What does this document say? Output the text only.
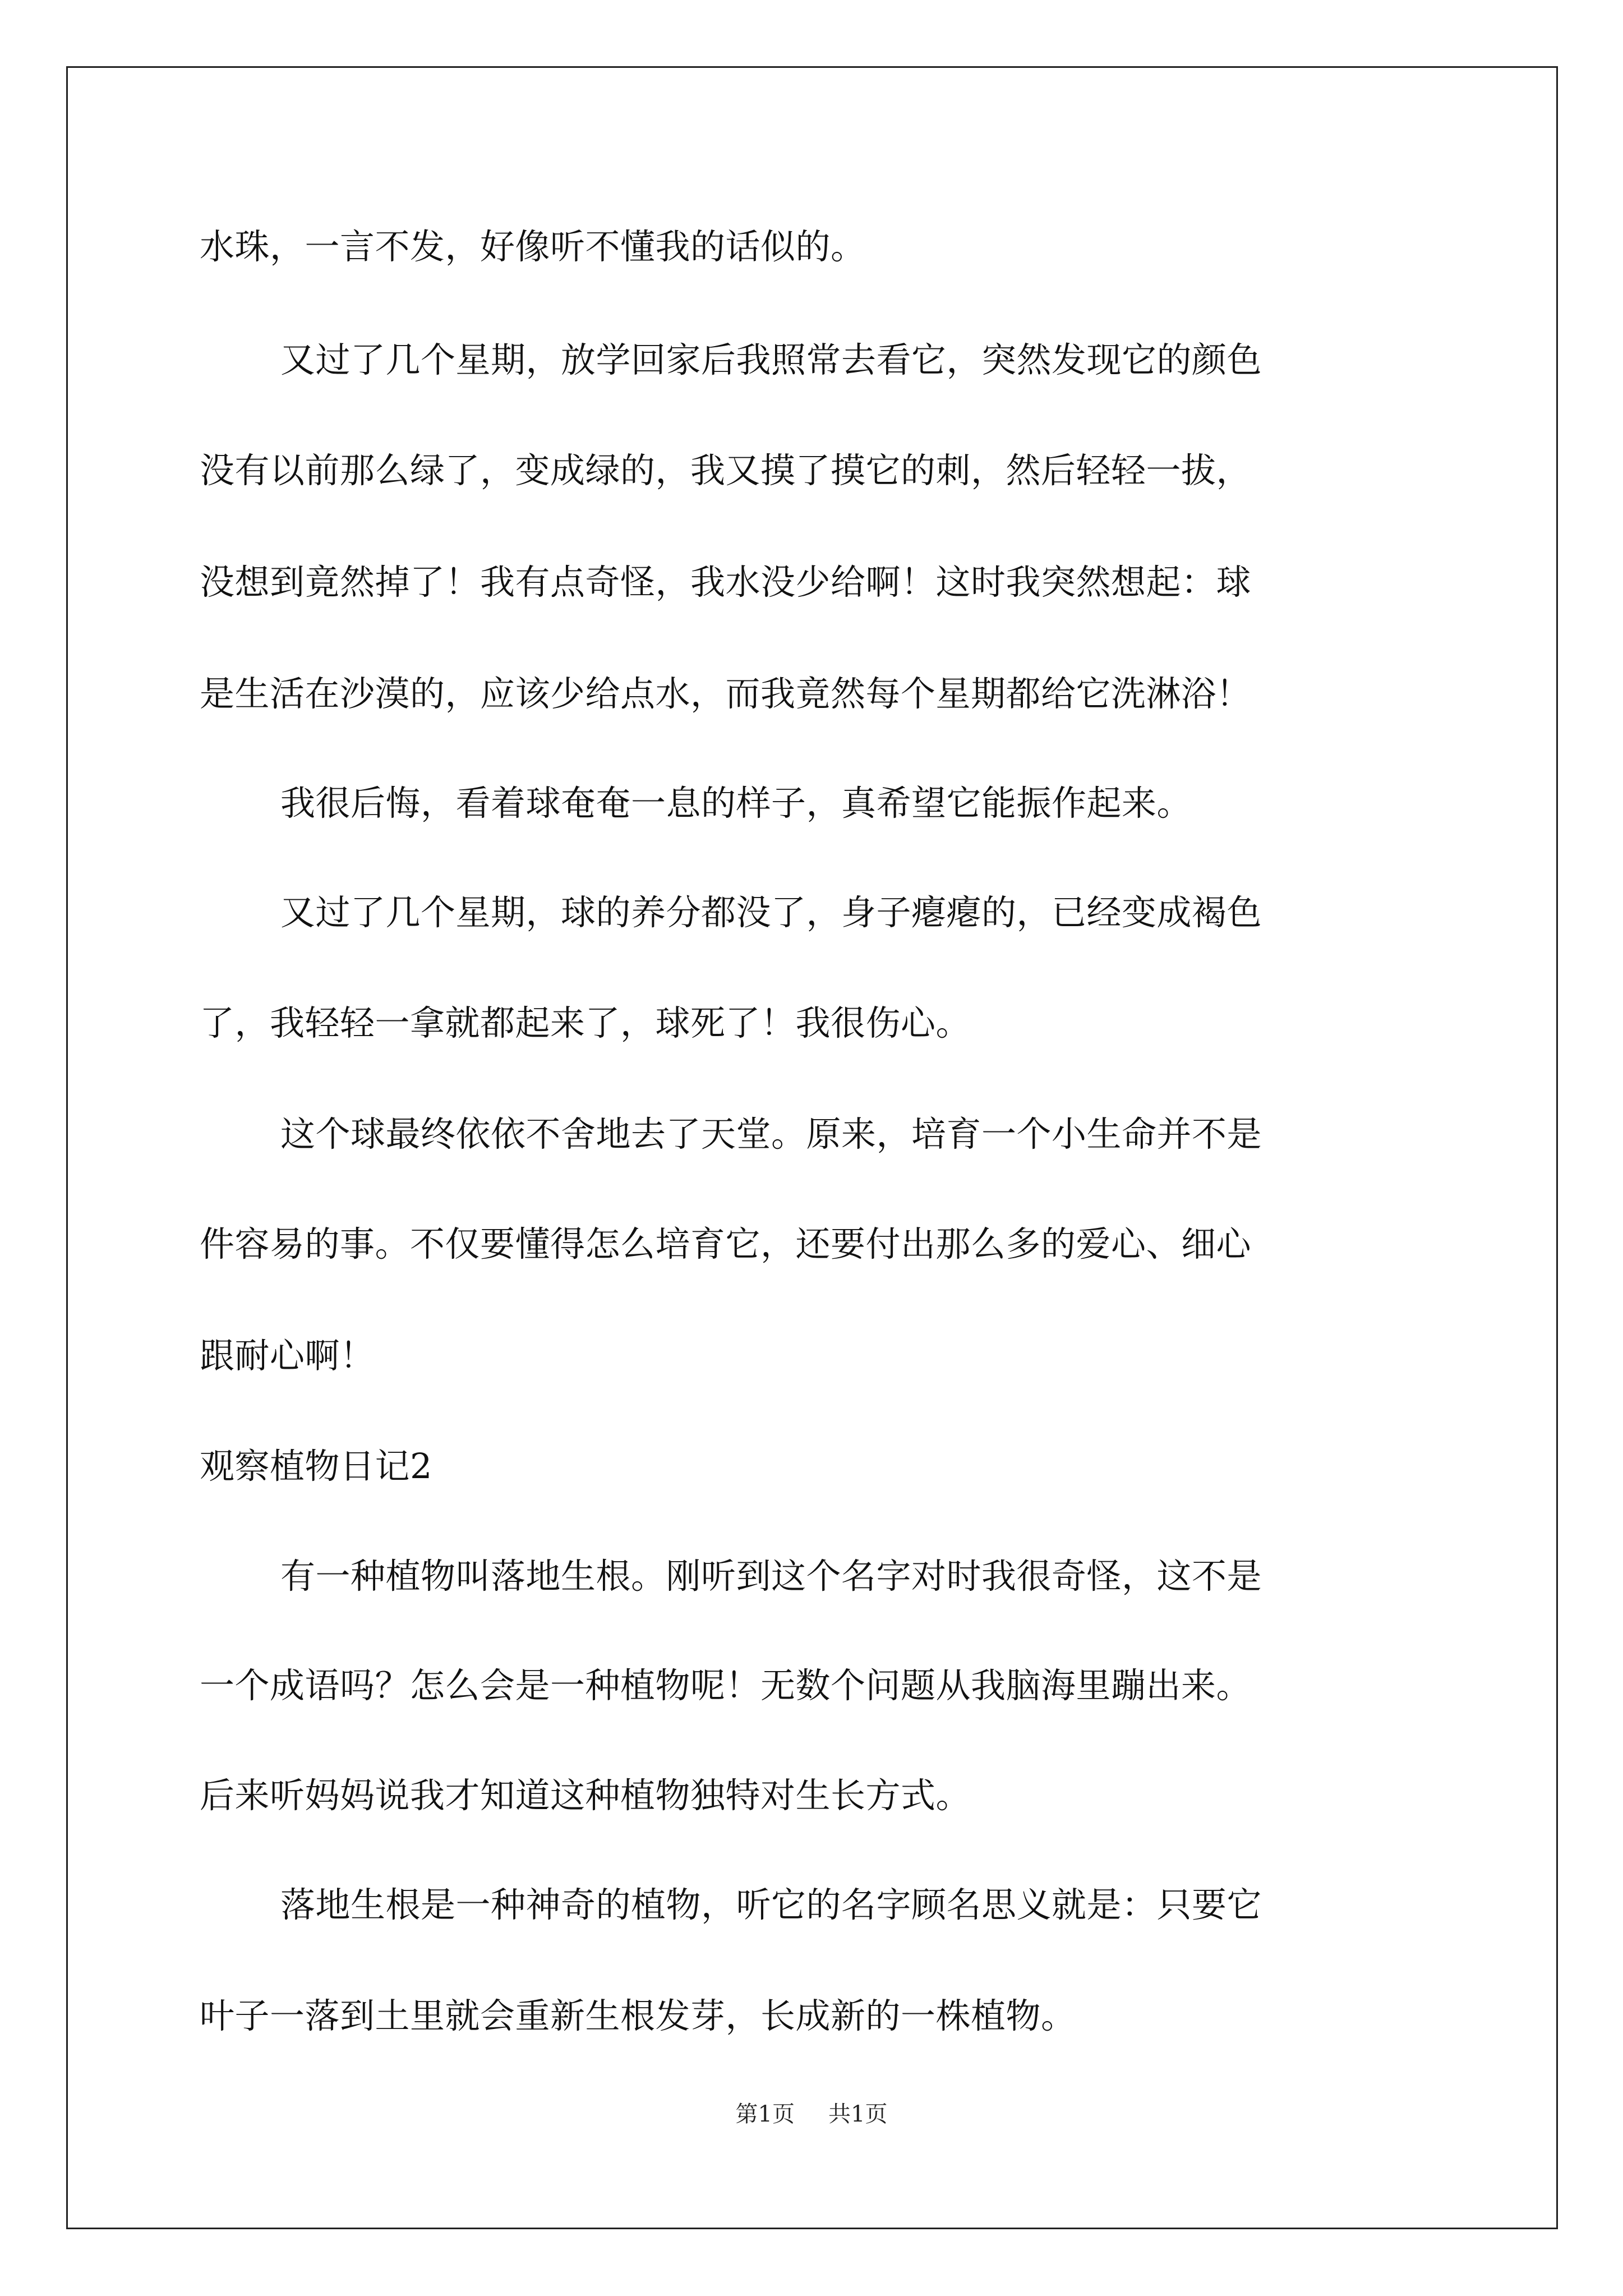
水珠，一言不发，好像听不懂我的话似的。
又过了几个星期，放学回家后我照常去看它，突然发现它的颜色
没有以前那么绿了，变成绿的，我又摸了摸它的刺，然后轻轻一拔，
没想到竟然掉了！我有点奇怪，我水没少给啊！这时我突然想起：球
是生活在沙漠的，应该少给点水，而我竟然每个星期都给它洗淋浴！
我很后悔，看着球奄奄一息的样子，真希望它能振作起来。
又过了几个星期，球的养分都没了，身子瘪瘪的，已经变成褐色
了，我轻轻一拿就都起来了，球死了！我很伤心。
这个球最终依依不舍地去了天堂。原来，培育一个小生命并不是
件容易的事。不仅要懂得怎么培育它，还要付出那么多的爱心、细心
跟耐心啊！
观察植物日记2
有一种植物叫落地生根。刚听到这个名字对时我很奇怪，这不是
一个成语吗？怎么会是一种植物呢！无数个问题从我脑海里蹦出来。
后来听妈妈说我才知道这种植物独特对生长方式。
落地生根是一种神奇的植物，听它的名字顾名思义就是：只要它
叶子一落到土里就会重新生根发芽，长成新的一株植物。
第1页 共1页
